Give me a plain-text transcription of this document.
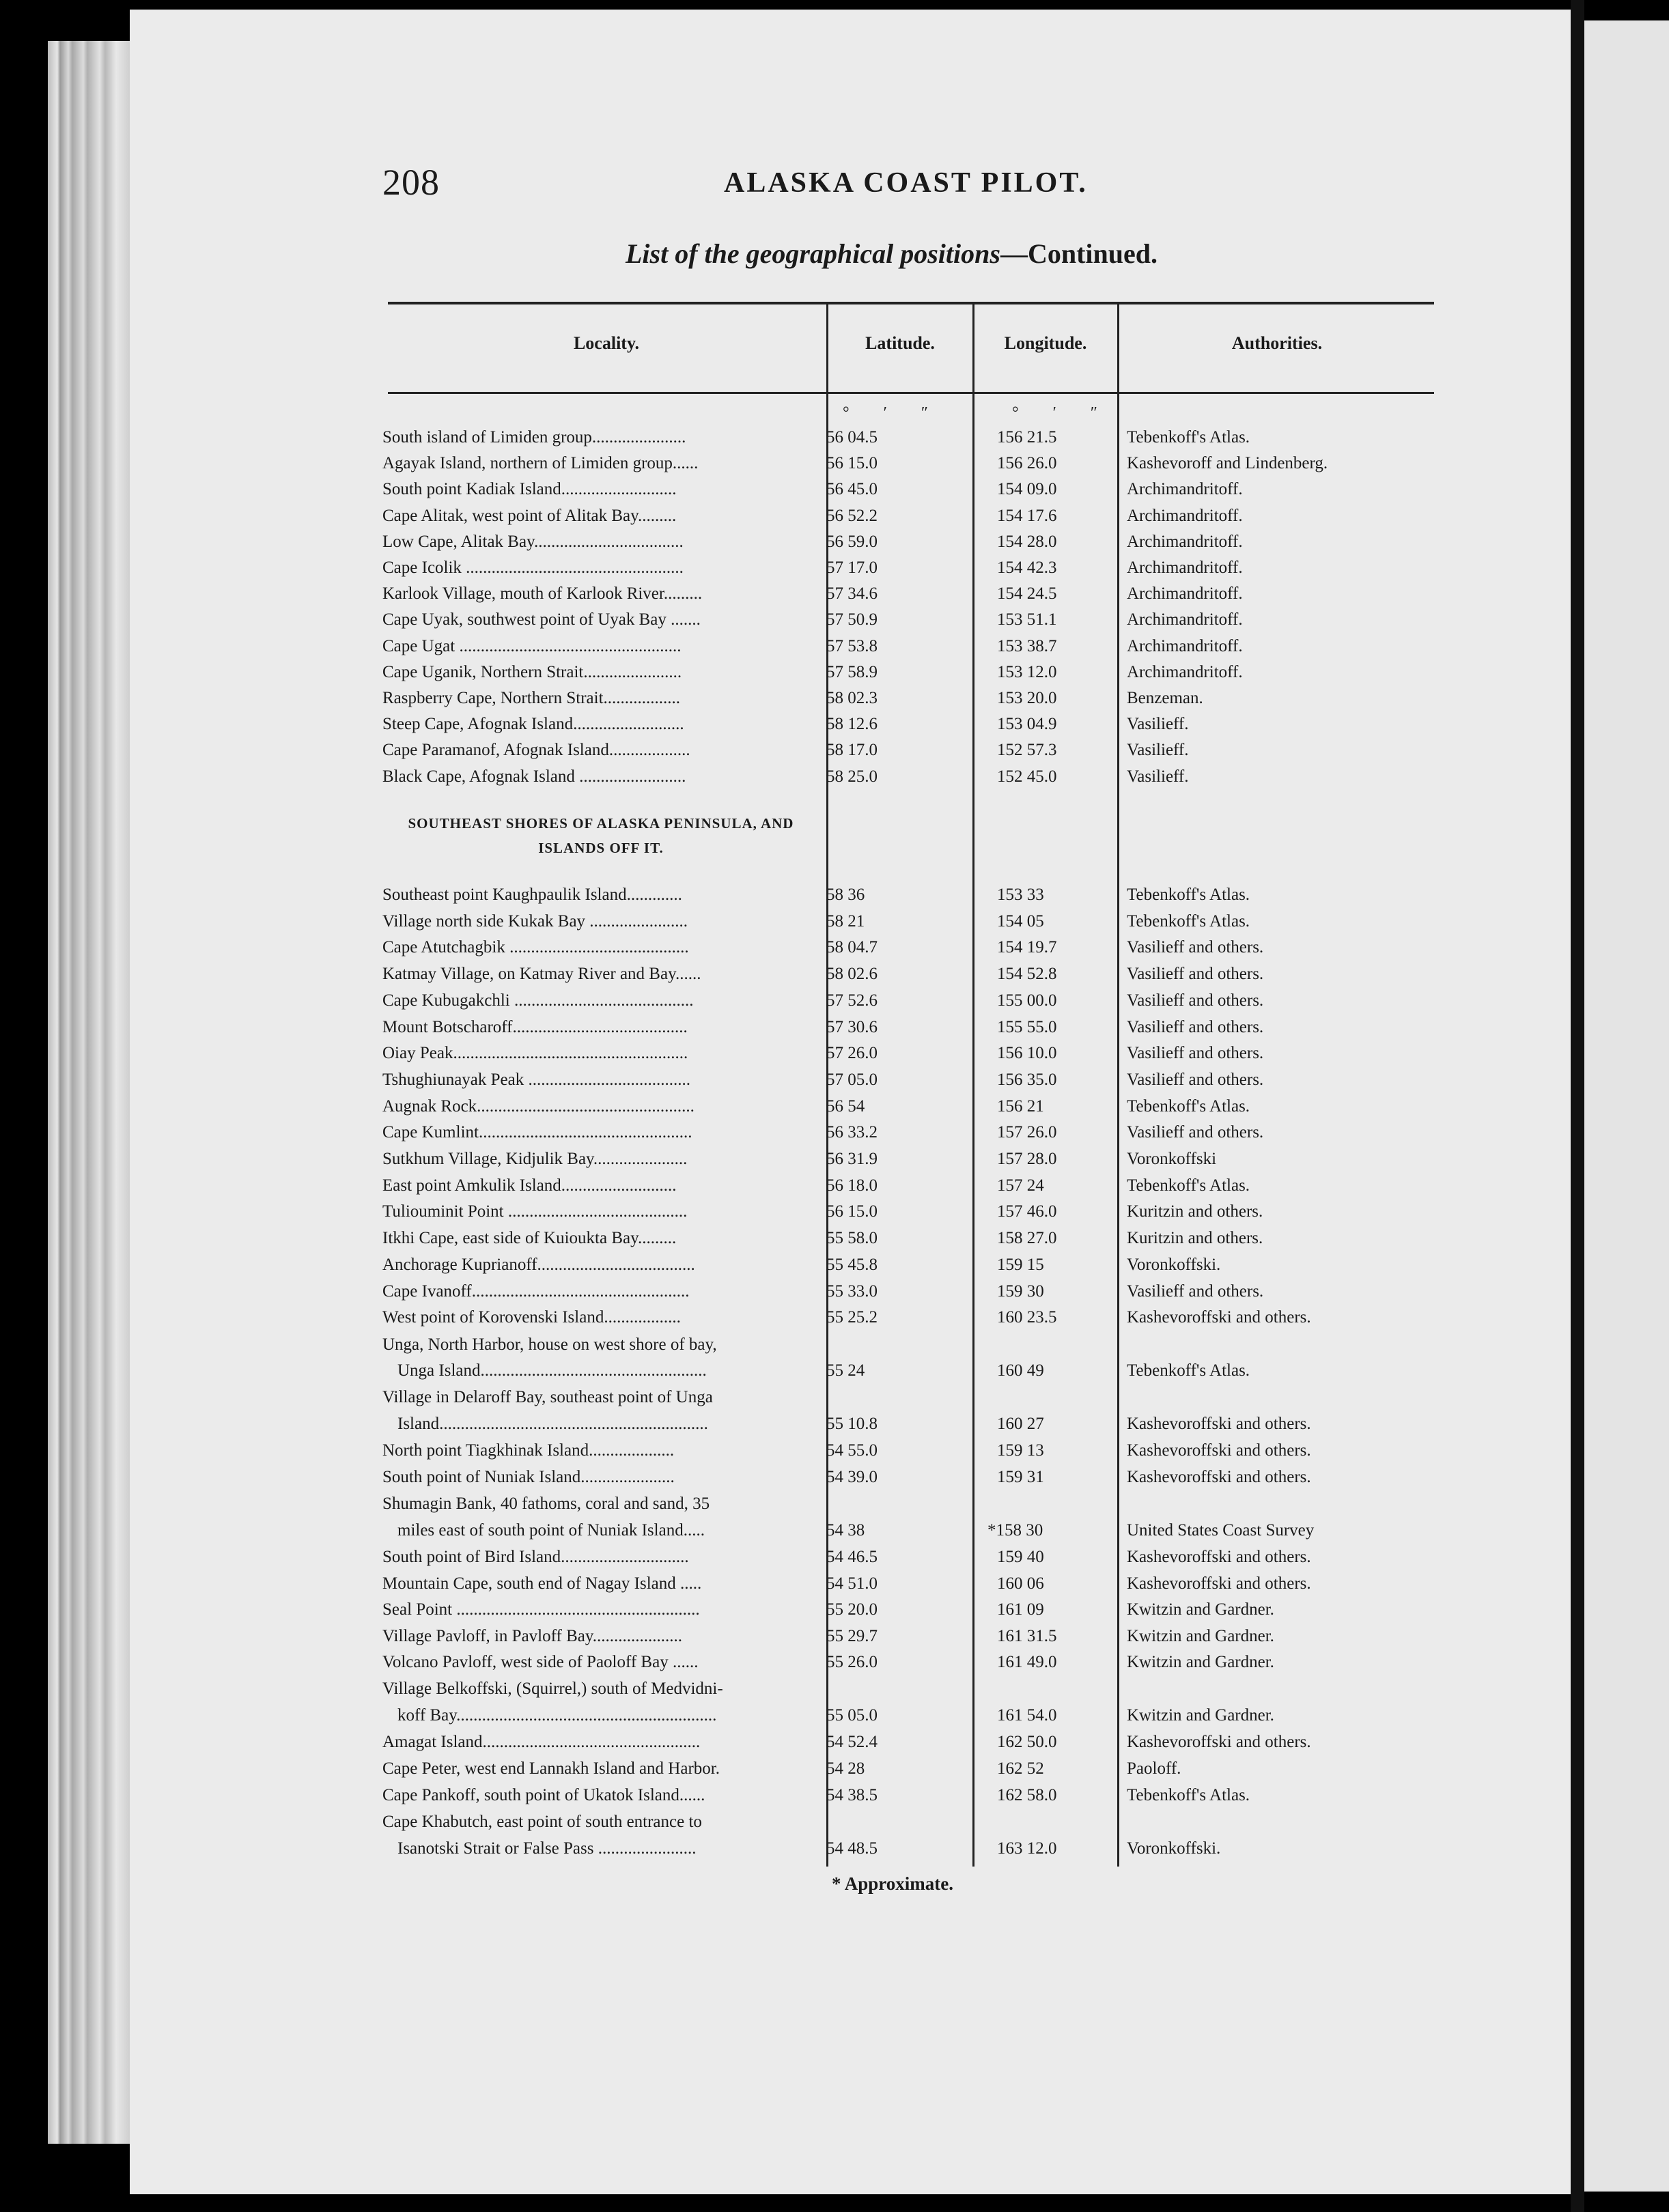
208	ALASKA COAST PILOT.
List of the geographical positions—Continued.
Locality.	Latitude.	Longitude.	Authorities.
° ′ ″	° ′ ″
South island of Limiden group......................	56 04.5	156 21.5	Tebenkoff's Atlas.
Agayak Island, northern of Limiden group......	56 15.0	156 26.0	Kashevoroff and Lindenberg.
South point Kadiak Island...........................	56 45.0	154 09.0	Archimandritoff.
Cape Alitak, west point of Alitak Bay.........	56 52.2	154 17.6	Archimandritoff.
Low Cape, Alitak Bay...................................	56 59.0	154 28.0	Archimandritoff.
Cape Icolik ...................................................	57 17.0	154 42.3	Archimandritoff.
Karlook Village, mouth of Karlook River.........	57 34.6	154 24.5	Archimandritoff.
Cape Uyak, southwest point of Uyak Bay .......	57 50.9	153 51.1	Archimandritoff.
Cape Ugat ....................................................	57 53.8	153 38.7	Archimandritoff.
Cape Uganik, Northern Strait.......................	57 58.9	153 12.0	Archimandritoff.
Raspberry Cape, Northern Strait..................	58 02.3	153 20.0	Benzeman.
Steep Cape, Afognak Island..........................	58 12.6	153 04.9	Vasilieff.
Cape Paramanof, Afognak Island...................	58 17.0	152 57.3	Vasilieff.
Black Cape, Afognak Island .........................	58 25.0	152 45.0	Vasilieff.
SOUTHEAST SHORES OF ALASKA PENINSULA, AND
ISLANDS OFF IT.
Southeast point Kaughpaulik Island.............	58 36	153 33	Tebenkoff's Atlas.
Village north side Kukak Bay .......................	58 21	154 05	Tebenkoff's Atlas.
Cape Atutchagbik ..........................................	58 04.7	154 19.7	Vasilieff and others.
Katmay Village, on Katmay River and Bay......	58 02.6	154 52.8	Vasilieff and others.
Cape Kubugakchli ..........................................	57 52.6	155 00.0	Vasilieff and others.
Mount Botscharoff.........................................	57 30.6	155 55.0	Vasilieff and others.
Oiay Peak.......................................................	57 26.0	156 10.0	Vasilieff and others.
Tshughiunayak Peak ......................................	57 05.0	156 35.0	Vasilieff and others.
Augnak Rock...................................................	56 54	156 21	Tebenkoff's Atlas.
Cape Kumlint..................................................	56 33.2	157 26.0	Vasilieff and others.
Sutkhum Village, Kidjulik Bay......................	56 31.9	157 28.0	Voronkoffski
East point Amkulik Island...........................	56 18.0	157 24	Tebenkoff's Atlas.
Tuliouminit Point ..........................................	56 15.0	157 46.0	Kuritzin and others.
Itkhi Cape, east side of Kuioukta Bay.........	55 58.0	158 27.0	Kuritzin and others.
Anchorage Kuprianoff.....................................	55 45.8	159 15	Voronkoffski.
Cape Ivanoff...................................................	55 33.0	159 30	Vasilieff and others.
West point of Korovenski Island..................	55 25.2	160 23.5	Kashevoroffski and others.
Unga, North Harbor, house on west shore of bay,
Unga Island.....................................................	55 24	160 49	Tebenkoff's Atlas.
Village in Delaroff Bay, southeast point of Unga
Island...............................................................	55 10.8	160 27	Kashevoroffski and others.
North point Tiagkhinak Island....................	54 55.0	159 13	Kashevoroffski and others.
South point of Nuniak Island......................	54 39.0	159 31	Kashevoroffski and others.
Shumagin Bank, 40 fathoms, coral and sand, 35
miles east of south point of Nuniak Island.....	54 38	*158 30	United States Coast Survey
South point of Bird Island..............................	54 46.5	159 40	Kashevoroffski and others.
Mountain Cape, south end of Nagay Island .....	54 51.0	160 06	Kashevoroffski and others.
Seal Point .........................................................	55 20.0	161 09	Kwitzin and Gardner.
Village Pavloff, in Pavloff Bay.....................	55 29.7	161 31.5	Kwitzin and Gardner.
Volcano Pavloff, west side of Paoloff Bay ......	55 26.0	161 49.0	Kwitzin and Gardner.
Village Belkoffski, (Squirrel,) south of Medvidni-
koff Bay.............................................................	55 05.0	161 54.0	Kwitzin and Gardner.
Amagat Island...................................................	54 52.4	162 50.0	Kashevoroffski and others.
Cape Peter, west end Lannakh Island and Harbor.	54 28	162 52	Paoloff.
Cape Pankoff, south point of Ukatok Island......	54 38.5	162 58.0	Tebenkoff's Atlas.
Cape Khabutch, east point of south entrance to
Isanotski Strait or False Pass .......................	54 48.5	163 12.0	Voronkoffski.
* Approximate.
